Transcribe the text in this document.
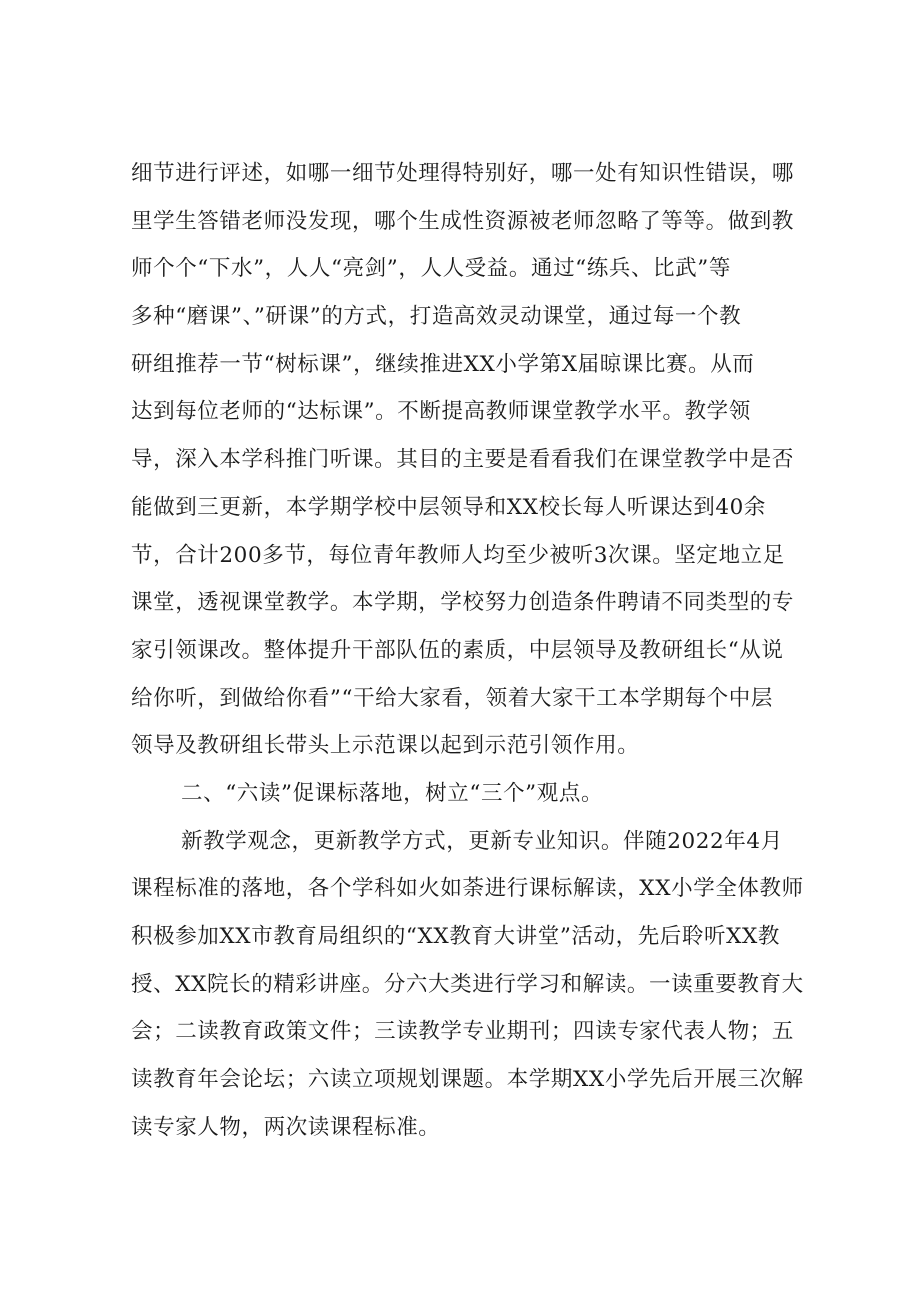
细节进行评述，如哪一细节处理得特别好，哪一处有知识性错误，哪
里学生答错老师没发现，哪个生成性资源被老师忽略了等等。做到教
师个个“下水”，人人“亮剑”，人人受益。通过“练兵、比武”等
多种“磨课”、”研课”的方式，打造高效灵动课堂，通过每一个教
研组推荐一节“树标课”，继续推进XX小学第X届晾课比赛。从而
达到每位老师的“达标课”。不断提高教师课堂教学水平。教学领
导，深入本学科推门听课。其目的主要是看看我们在课堂教学中是否
能做到三更新，本学期学校中层领导和XX校长每人听课达到40余
节，合计200多节，每位青年教师人均至少被听3次课。坚定地立足
课堂，透视课堂教学。本学期，学校努力创造条件聘请不同类型的专
家引领课改。整体提升干部队伍的素质，中层领导及教研组长“从说
给你听，到做给你看”“干给大家看，领着大家干工本学期每个中层
领导及教研组长带头上示范课以起到示范引领作用。
二、“六读”促课标落地，树立“三个”观点。
新教学观念，更新教学方式，更新专业知识。伴随2022年4月
课程标准的落地，各个学科如火如荼进行课标解读，XX小学全体教师
积极参加XX市教育局组织的“XX教育大讲堂”活动，先后聆听XX教
授、XX院长的精彩讲座。分六大类进行学习和解读。一读重要教育大
会；二读教育政策文件；三读教学专业期刊；四读专家代表人物；五
读教育年会论坛；六读立项规划课题。本学期XX小学先后开展三次解
读专家人物，两次读课程标准。
